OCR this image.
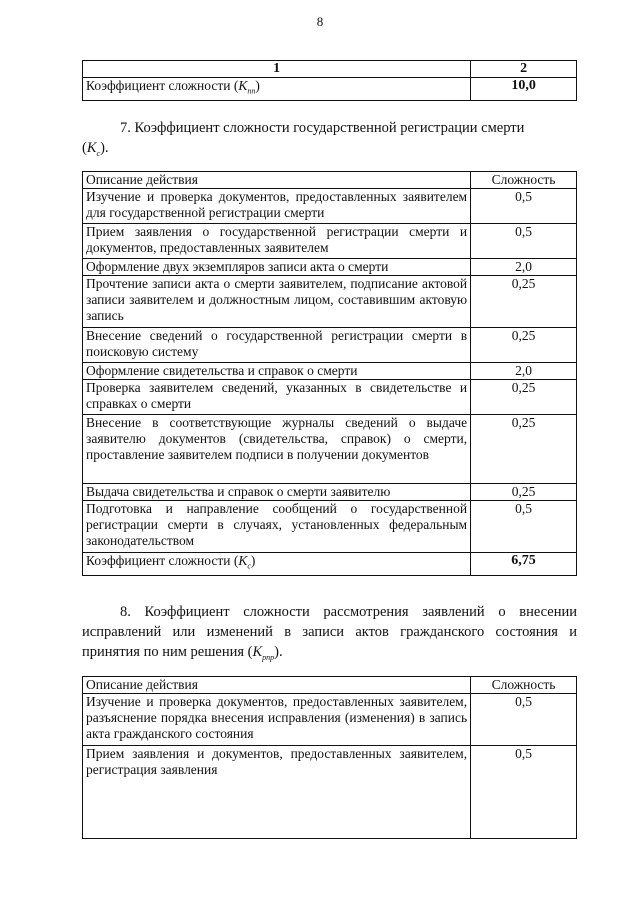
8
1	2
Коэффициент сложности $(K_{пп})$	10,0
7. Коэффициент сложности государственной регистрации смерти
$(K_с)$.
Описание действия	Сложность
Изучение и проверка документов, предоставленных заявителем для государственной регистрации смерти	0,5
Прием заявления о государственной регистрации смерти и документов, предоставленных заявителем	0,5
Оформление двух экземпляров записи акта о смерти	2,0
Прочтение записи акта о смерти заявителем, подписание актовой записи заявителем и должностным лицом, составившим актовую запись	0,25
Внесение сведений о государственной регистрации смерти в поисковую систему	0,25
Оформление свидетельства и справок о смерти	2,0
Проверка заявителем сведений, указанных в свидетельстве и справках о смерти	0,25
Внесение в соответствующие журналы сведений о выдаче заявителю документов (свидетельства, справок) о смерти, проставление заявителем подписи в получении документов	0,25
Выдача свидетельства и справок о смерти заявителю	0,25
Подготовка и направление сообщений о государственной регистрации смерти в случаях, установленных федеральным законодательством	0,5
Коэффициент сложности $(K_с)$	6,75
8. Коэффициент сложности рассмотрения заявлений о внесении исправлений или изменений в записи актов гражданского состояния и принятия по ним решения $(K_{рпр})$.
Описание действия	Сложность
Изучение и проверка документов, предоставленных заявителем, разъяснение порядка внесения исправления (изменения) в запись акта гражданского состояния	0,5
Прием заявления и документов, предоставленных заявителем, регистрация заявления	0,5
